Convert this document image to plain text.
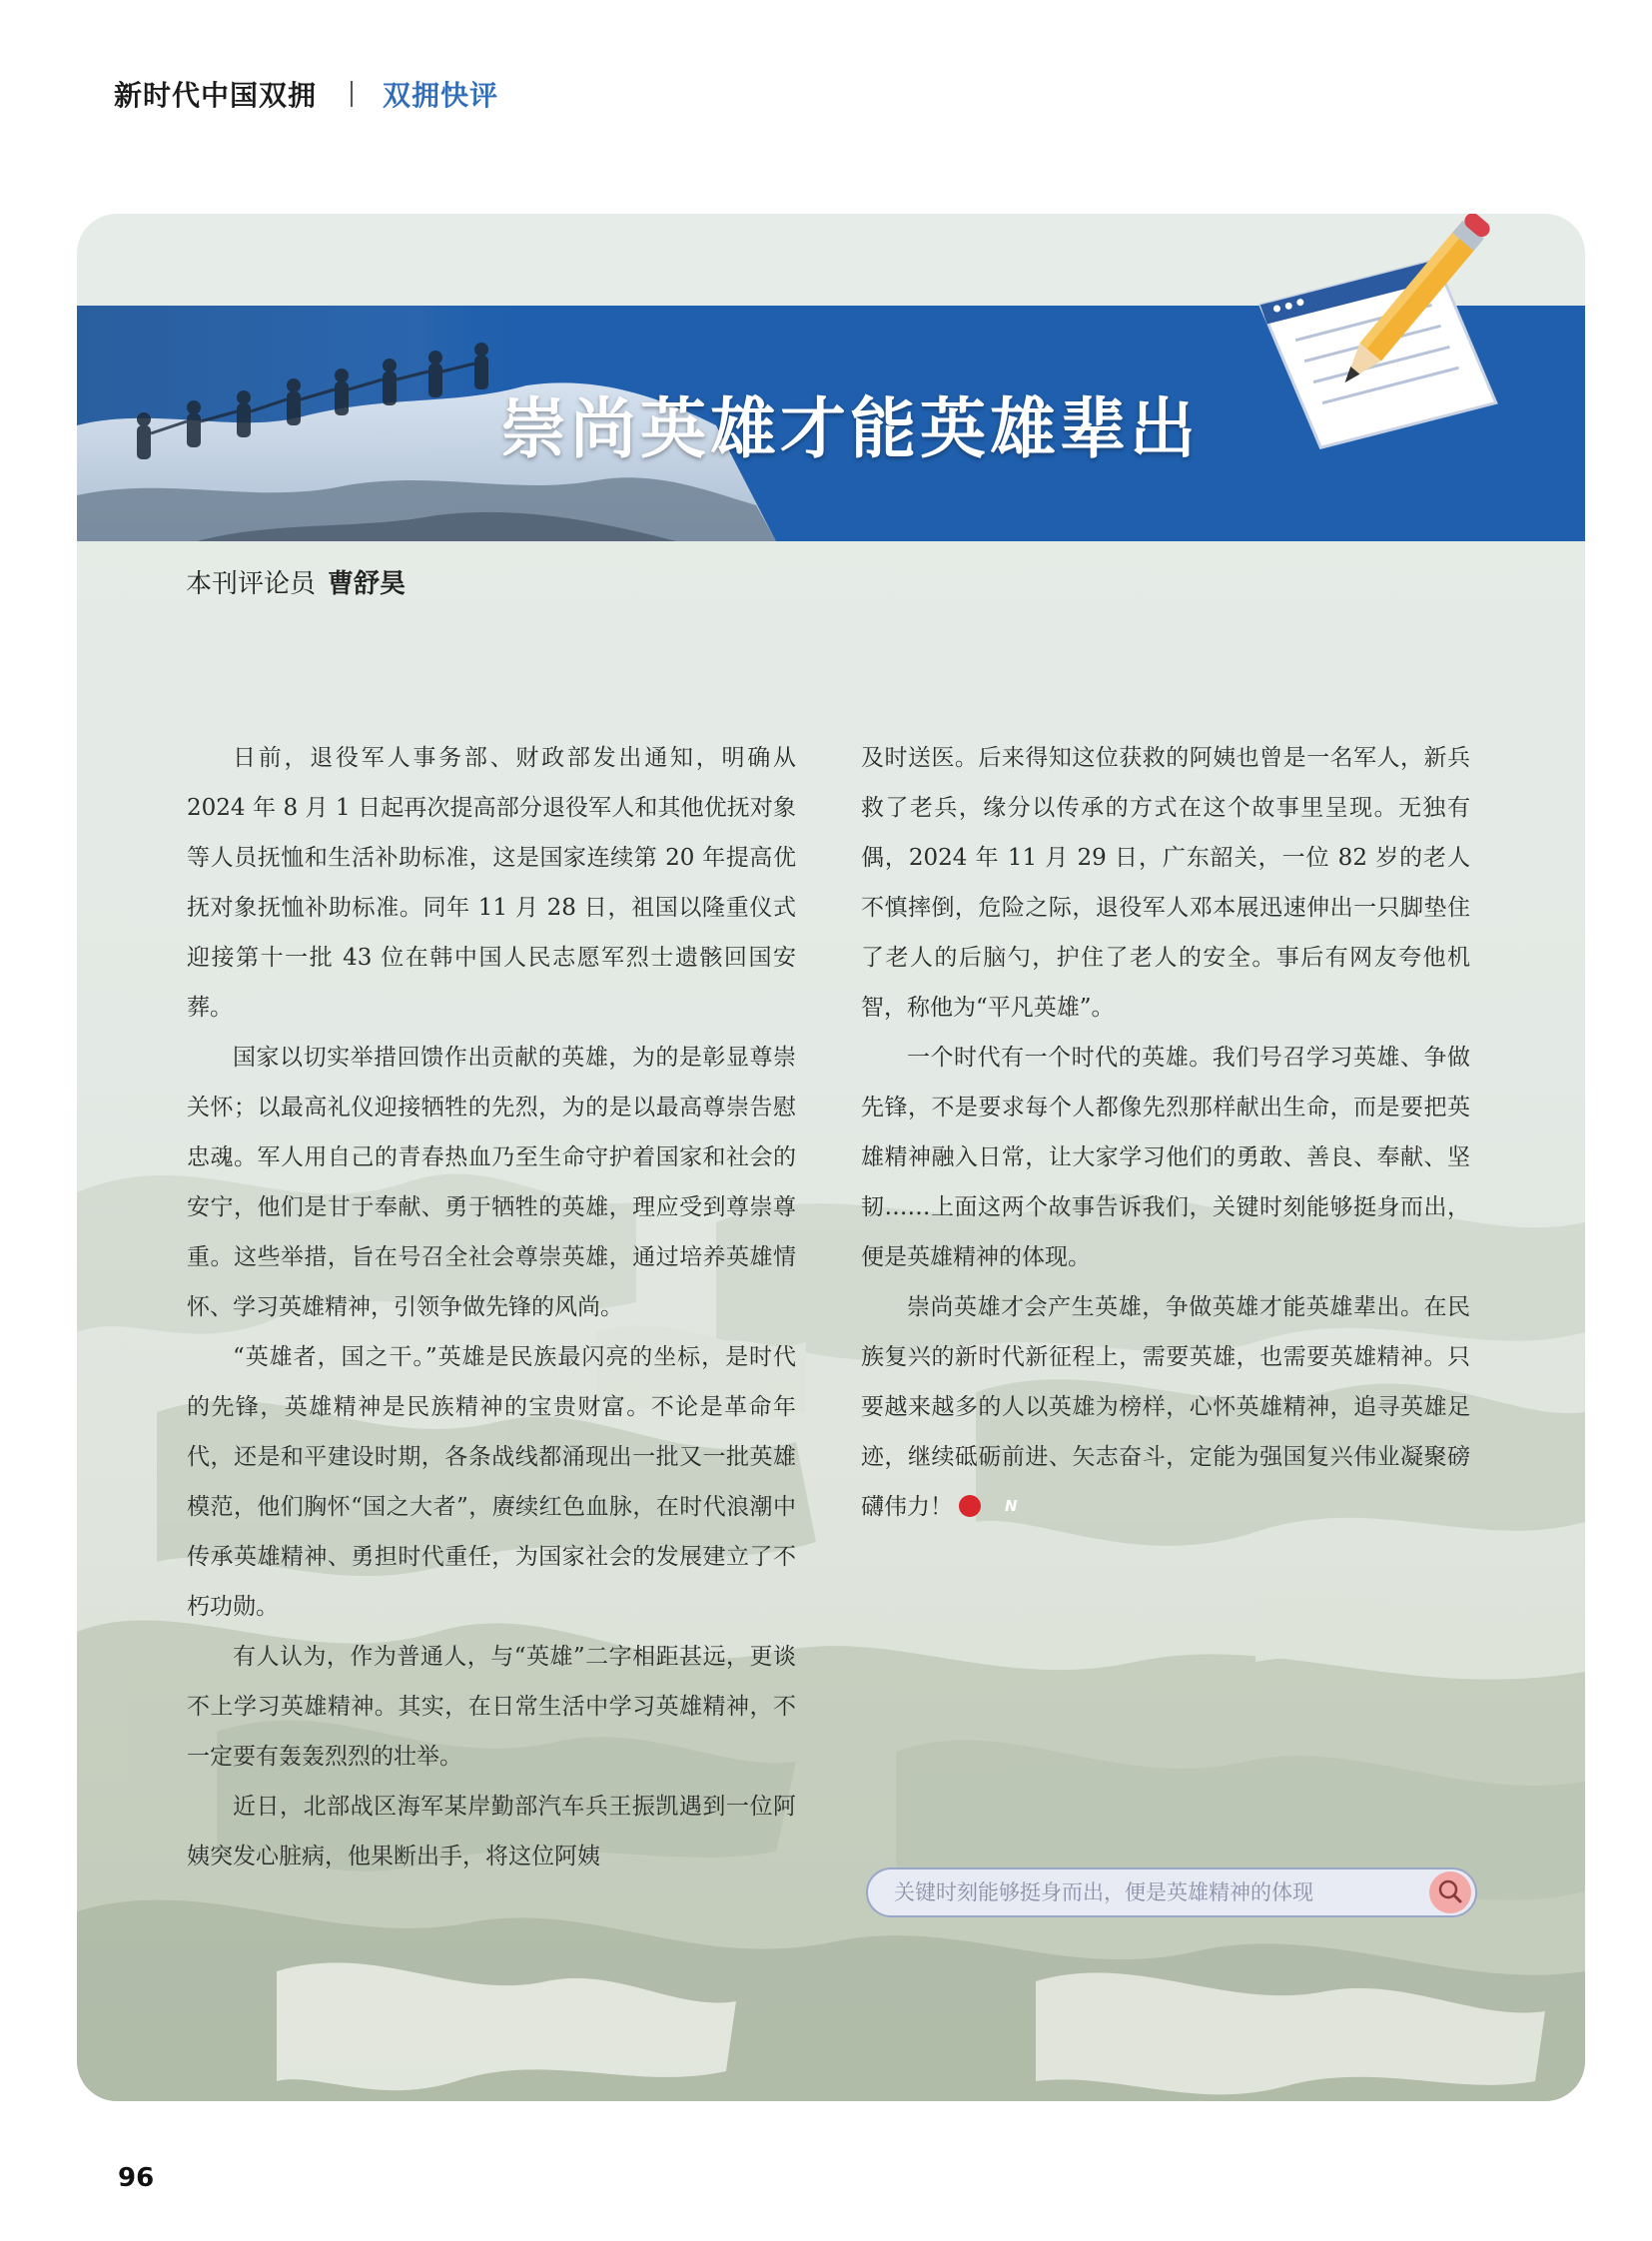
新时代中国双拥 双拥快评
崇尚英雄才能英雄辈出
本刊评论员 曹舒昊

日前，退役军人事务部、财政部发出通知，明确从 2024 年 8 月 1 日起再次提高部分退役军人和其他优抚对象等人员抚恤和生活补助标准，这是国家连续第 20 年提高优抚对象抚恤补助标准。同年 11 月 28 日，祖国以隆重仪式迎接第十一批 43 位在韩中国人民志愿军烈士遗骸回国安葬。

国家以切实举措回馈作出贡献的英雄，为的是彰显尊崇关怀；以最高礼仪迎接牺牲的先烈，为的是以最高尊崇告慰忠魂。军人用自己的青春热血乃至生命守护着国家和社会的安宁，他们是甘于奉献、勇于牺牲的英雄，理应受到尊崇尊重。这些举措，旨在号召全社会尊崇英雄，通过培养英雄情怀、学习英雄精神，引领争做先锋的风尚。

“英雄者，国之干。”英雄是民族最闪亮的坐标，是时代的先锋，英雄精神是民族精神的宝贵财富。不论是革命年代，还是和平建设时期，各条战线都涌现出一批又一批英雄模范，他们胸怀“国之大者”，赓续红色血脉，在时代浪潮中传承英雄精神、勇担时代重任，为国家社会的发展建立了不朽功勋。

有人认为，作为普通人，与“英雄”二字相距甚远，更谈不上学习英雄精神。其实，在日常生活中学习英雄精神，不一定要有轰轰烈烈的壮举。

近日，北部战区海军某岸勤部汽车兵王振凯遇到一位阿姨突发心脏病，他果断出手，将这位阿姨

及时送医。后来得知这位获救的阿姨也曾是一名军人，新兵救了老兵，缘分以传承的方式在这个故事里呈现。无独有偶，2024 年 11 月 29 日，广东韶关，一位 82 岁的老人不慎摔倒，危险之际，退役军人邓本展迅速伸出一只脚垫住了老人的后脑勺，护住了老人的安全。事后有网友夸他机智，称他为“平凡英雄”。

一个时代有一个时代的英雄。我们号召学习英雄、争做先锋，不是要求每个人都像先烈那样献出生命，而是要把英雄精神融入日常，让大家学习他们的勇敢、善良、奉献、坚韧……上面这两个故事告诉我们，关键时刻能够挺身而出，便是英雄精神的体现。

崇尚英雄才会产生英雄，争做英雄才能英雄辈出。在民族复兴的新时代新征程上，需要英雄，也需要英雄精神。只要越来越多的人以英雄为榜样，心怀英雄精神，追寻英雄足迹，继续砥砺前进、矢志奋斗，定能为强国复兴伟业凝聚磅礴伟力！N

关键时刻能够挺身而出，便是英雄精神的体现
96
